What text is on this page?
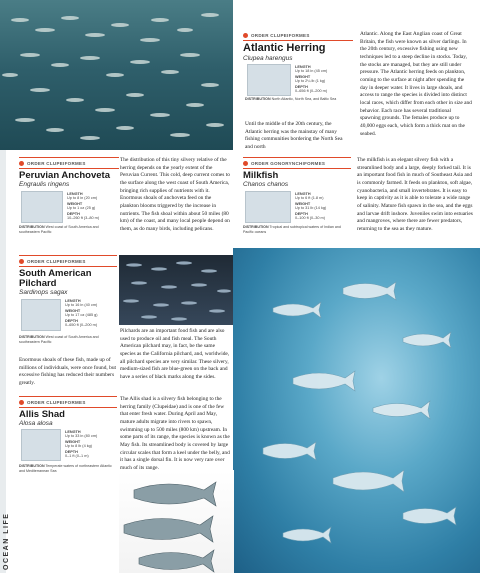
OCEAN LIFE
ORDER CLUPEIFORMES
Atlantic Herring
Clupea harengus
LENGTH
Up to 18 in (45 cm)
WEIGHT
Up to 2¼ lb (1 kg)
DEPTH
0–656 ft (0–200 m)
DISTRIBUTION North Atlantic, North Sea, and Baltic Sea
Until the middle of the 20th century, the Atlantic herring was the mainstay of many fishing communities bordering the North Sea and north
Atlantic. Along the East Anglian coast of Great Britain, the fish were known as silver darlings. In the 20th century, excessive fishing using new techniques led to a steep decline in stocks. Today, the stocks are managed, but they are still under pressure. The Atlantic herring feeds on plankton, coming to the surface at night after spending the day in deeper water. It lives in large shoals, and access to range the species is divided into distinct local races, which differ from each other in size and behavior. Each race has several traditional spawning grounds. The females produce up to 40,000 eggs each, which form a thick mat on the seabed.
ORDER CLUPEIFORMES
Peruvian Anchoveta
Engraulis ringens
LENGTH
Up to 8 in (20 cm)
WEIGHT
Up to 1 oz (25 g)
DEPTH
10–260 ft (3–80 m)
DISTRIBUTION West coast of South America and southeastern Pacific
The distribution of this tiny silvery relative of the herring depends on the yearly extent of the Peruvian Current. This cold, deep current comes to the surface along the west coast of South America, bringing rich supplies of nutrients with it. Enormous shoals of anchoveta feed on the plankton blooms triggered by the increase in nutrients. The fish shoal within about 50 miles (80 km) of the coast, and many local people depend on them, as do many birds, including pelicans.
ORDER GONORYNCHIFORMES
Milkfish
Chanos chanos
LENGTH
Up to 6 ft (1.8 m)
WEIGHT
Up to 31 lb (14 kg)
DEPTH
0–100 ft (0–30 m)
DISTRIBUTION Tropical and subtropical waters of Indian and Pacific oceans
The milkfish is an elegant silvery fish with a streamlined body and a large, deeply forked tail. It is an important food fish in much of Southeast Asia and is commonly farmed. It feeds on plankton, soft algae, cyanobacteria, and small invertebrates. It is easy to keep in captivity as it is able to tolerate a wide range of salinity. Mature fish spawn in the sea, and the eggs and larvae drift inshore. Juveniles swim into estuaries and mangroves, where there are fewer predators, returning to the sea as they mature.
ORDER CLUPEIFORMES
South American
Pilchard
Sardinops sagax
LENGTH
Up to 16 in (40 cm)
WEIGHT
Up to 17 oz (485 g)
DEPTH
0–650 ft (0–200 m)
DISTRIBUTION West coast of South America and southeastern Pacific
Enormous shoals of these fish, made up of millions of individuals, were once found, but excessive fishing has reduced their numbers greatly.
Pilchards are an important food fish and are also used to produce oil and fish meal. The South American pilchard may, in fact, be the same species as the California pilchard, and, worldwide, all pilchard species are very similar. These silvery, medium-sized fish are blue-green on the back and have a series of black marks along the sides.
ORDER CLUPEIFORMES
Allis Shad
Alosa alosa
LENGTH
Up to 33 in (80 cm)
WEIGHT
Up to 8 lb (4 kg)
DEPTH
0–1 ft (0–1 m)
DISTRIBUTION Temperate waters of northeastern Atlantic and Mediterranean Sea
The Allis shad is a silvery fish belonging to the herring family (Clupeidae) and is one of the few that enter fresh water. During April and May, mature adults migrate into rivers to spawn, swimming up to 500 miles (800 km) upstream. In some parts of its range, the species is known as the May fish. Its streamlined body is covered by large circular scales that form a keel under the belly, and it has a single dorsal fin. It is now very rare over much of its range.
